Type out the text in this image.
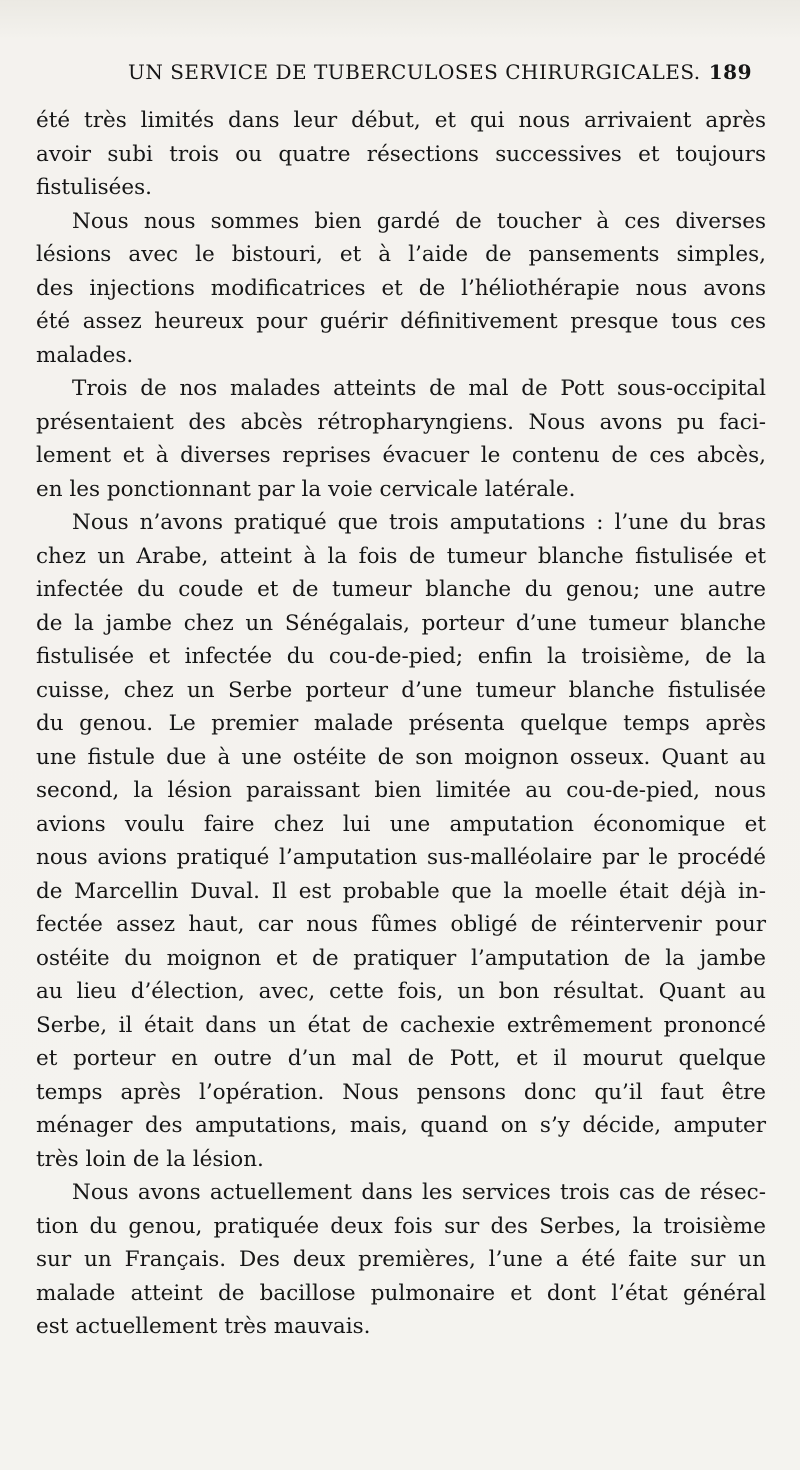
UN SERVICE DE TUBERCULOSES CHIRURGICALES. 189
été très limités dans leur début, et qui nous arrivaient après
avoir subi trois ou quatre résections successives et toujours
fistulisées.
Nous nous sommes bien gardé de toucher à ces diverses
lésions avec le bistouri, et à l’aide de pansements simples,
des injections modificatrices et de l’héliothérapie nous avons
été assez heureux pour guérir définitivement presque tous ces
malades.
Trois de nos malades atteints de mal de Pott sous-occipital
présentaient des abcès rétropharyngiens. Nous avons pu faci-
lement et à diverses reprises évacuer le contenu de ces abcès,
en les ponctionnant par la voie cervicale latérale.
Nous n’avons pratiqué que trois amputations : l’une du bras
chez un Arabe, atteint à la fois de tumeur blanche fistulisée et
infectée du coude et de tumeur blanche du genou; une autre
de la jambe chez un Sénégalais, porteur d’une tumeur blanche
fistulisée et infectée du cou-de-pied; enfin la troisième, de la
cuisse, chez un Serbe porteur d’une tumeur blanche fistulisée
du genou. Le premier malade présenta quelque temps après
une fistule due à une ostéite de son moignon osseux. Quant au
second, la lésion paraissant bien limitée au cou-de-pied, nous
avions voulu faire chez lui une amputation économique et
nous avions pratiqué l’amputation sus-malléolaire par le procédé
de Marcellin Duval. Il est probable que la moelle était déjà in-
fectée assez haut, car nous fûmes obligé de réintervenir pour
ostéite du moignon et de pratiquer l’amputation de la jambe
au lieu d’élection, avec, cette fois, un bon résultat. Quant au
Serbe, il était dans un état de cachexie extrêmement prononcé
et porteur en outre d’un mal de Pott, et il mourut quelque
temps après l’opération. Nous pensons donc qu’il faut être
ménager des amputations, mais, quand on s’y décide, amputer
très loin de la lésion.
Nous avons actuellement dans les services trois cas de résec-
tion du genou, pratiquée deux fois sur des Serbes, la troisième
sur un Français. Des deux premières, l’une a été faite sur un
malade atteint de bacillose pulmonaire et dont l’état général
est actuellement très mauvais.
